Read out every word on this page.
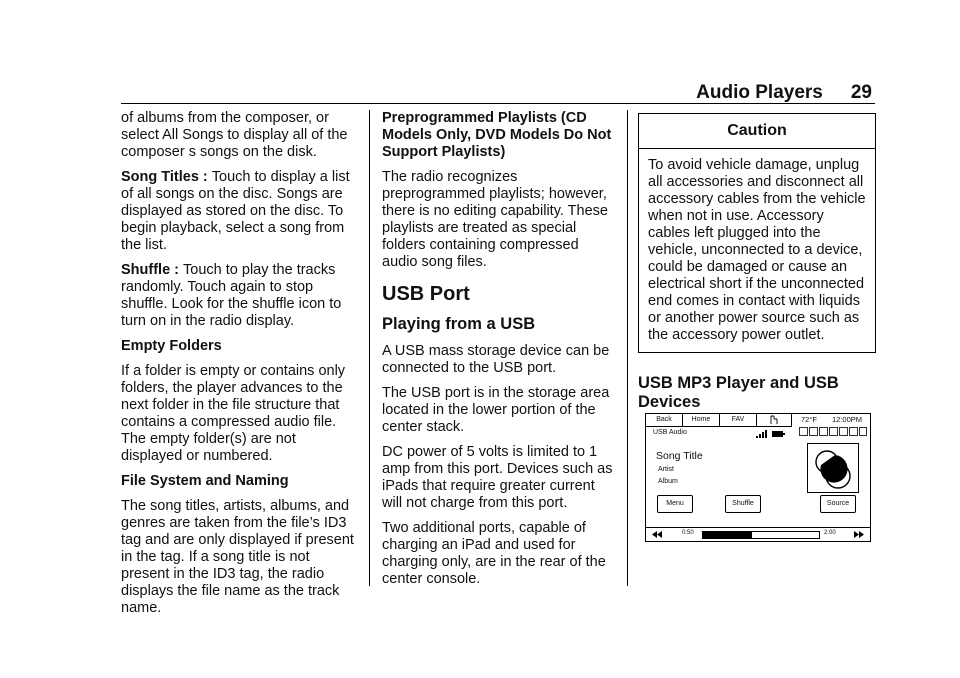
Audio Players 29

of albums from the composer, or select All Songs to display all of the composer s songs on the disk.

Song Titles : Touch to display a list of all songs on the disc. Songs are displayed as stored on the disc. To begin playback, select a song from the list.

Shuffle : Touch to play the tracks randomly. Touch again to stop shuffle. Look for the shuffle icon to turn on in the radio display.

Empty Folders

If a folder is empty or contains only folders, the player advances to the next folder in the file structure that contains a compressed audio file. The empty folder(s) are not displayed or numbered.

File System and Naming

The song titles, artists, albums, and genres are taken from the file’s ID3 tag and are only displayed if present in the tag. If a song title is not present in the ID3 tag, the radio displays the file name as the track name.

Preprogrammed Playlists (CD Models Only, DVD Models Do Not Support Playlists)

The radio recognizes preprogrammed playlists; however, there is no editing capability. These playlists are treated as special folders containing compressed audio song files.

USB Port
Playing from a USB

A USB mass storage device can be connected to the USB port.

The USB port is in the storage area located in the lower portion of the center stack.

DC power of 5 volts is limited to 1 amp from this port. Devices such as iPads that require greater current will not charge from this port.

Two additional ports, capable of charging an iPad and used for charging only, are in the rear of the center console.

Caution
To avoid vehicle damage, unplug all accessories and disconnect all accessory cables from the vehicle when not in use. Accessory cables left plugged into the vehicle, unconnected to a device, could be damaged or cause an electrical short if the unconnected end comes in contact with liquids or another power source such as the accessory power outlet.
USB MP3 Player and USB Devices
Back	Home	FAV	72°F 12:00PM
USB Audio
Song Title
Artist
Album
Menu	Shuffle	Source
0:50	2:00
